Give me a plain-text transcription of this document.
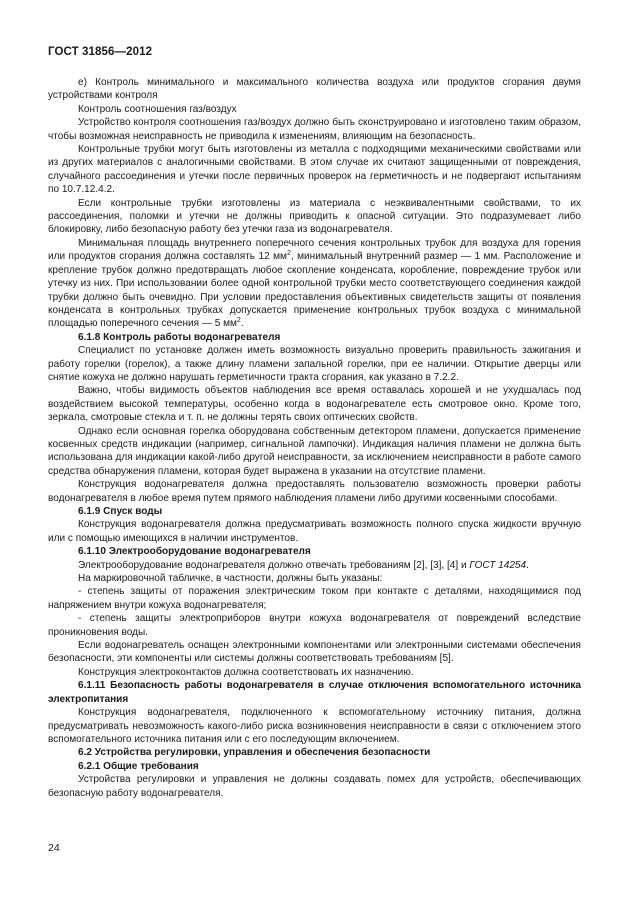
ГОСТ 31856—2012

е) Контроль минимального и максимального количества воздуха или продуктов сгорания двумя устройствами контроля

Контроль соотношения газ/воздух

Устройство контроля соотношения газ/воздух должно быть сконструировано и изготовлено таким образом, чтобы возможная неисправность не приводила к изменениям, влияющим на безопасность.

Контрольные трубки могут быть изготовлены из металла с подходящими механическими свойствами или из других материалов с аналогичными свойствами. В этом случае их считают защищенными от повреждения, случайного рассоединения и утечки после первичных проверок на герметичность и не подвергают испытаниям по 10.7.12.4.2.

Если контрольные трубки изготовлены из материала с неэквивалентными свойствами, то их рассоединения, поломки и утечки не должны приводить к опасной ситуации. Это подразумевает либо блокировку, либо безопасную работу без утечки газа из водонагревателя.

Минимальная площадь внутреннего поперечного сечения контрольных трубок для воздуха для горения или продуктов сгорания должна составлять 12 $мм^2$, минимальный внутренний размер — 1 мм. Расположение и крепление трубок должно предотвращать любое скопление конденсата, коробление, повреждение трубок или утечку из них. При использовании более одной контрольной трубки место соответствующего соединения каждой трубки должно быть очевидно. При условии предоставления объективных свидетельств защиты от появления конденсата в контрольных трубках допускается применение контрольных трубок воздуха с минимальной площадью поперечного сечения — 5 $мм^2$.

6.1.8 Контроль работы водонагревателя

Специалист по установке должен иметь возможность визуально проверить правильность зажигания и работу горелки (горелок), а также длину пламени запальной горелки, при ее наличии. Открытие дверцы или снятие кожуха не должно нарушать герметичности тракта сгорания, как указано в 7.2.2.

Важно, чтобы видимость объектов наблюдения все время оставалась хорошей и не ухудшалась под воздействием высокой температуры, особенно когда в водонагревателе есть смотровое окно. Кроме того, зеркала, смотровые стекла и т. п. не должны терять своих оптических свойств.

Однако если основная горелка оборудована собственным детектором пламени, допускается применение косвенных средств индикации (например, сигнальной лампочки). Индикация наличия пламени не должна быть использована для индикации какой-либо другой неисправности, за исключением неисправности в работе самого средства обнаружения пламени, которая будет выражена в указании на отсутствие пламени.

Конструкция водонагревателя должна предоставлять пользователю возможность проверки работы водонагревателя в любое время путем прямого наблюдения пламени либо другими косвенными способами.

6.1.9 Спуск воды

Конструкция водонагревателя должна предусматривать возможность полного спуска жидкости вручную или с помощью имеющихся в наличии инструментов.

6.1.10 Электрооборудование водонагревателя

Электрооборудование водонагревателя должно отвечать требованиям [2], [3], [4] и ГОСТ 14254.

На маркировочной табличке, в частности, должны быть указаны:

- степень защиты от поражения электрическим током при контакте с деталями, находящимися под напряжением внутри кожуха водонагревателя;

- степень защиты электроприборов внутри кожуха водонагревателя от повреждений вследствие проникновения воды.

Если водонагреватель оснащен электронными компонентами или электронными системами обеспечения безопасности, эти компоненты или системы должны соответствовать требованиям [5].

Конструкция электроконтактов должна соответствовать их назначению.

6.1.11 Безопасность работы водонагревателя в случае отключения вспомогательного источника электропитания

Конструкция водонагревателя, подключенного к вспомогательному источнику питания, должна предусматривать невозможность какого-либо риска возникновения неисправности в связи с отключением этого вспомогательного источника питания или с его последующим включением.

6.2 Устройства регулировки, управления и обеспечения безопасности

6.2.1 Общие требования

Устройства регулировки и управления не должны создавать помех для устройств, обеспечивающих безопасную работу водонагревателя.

24
